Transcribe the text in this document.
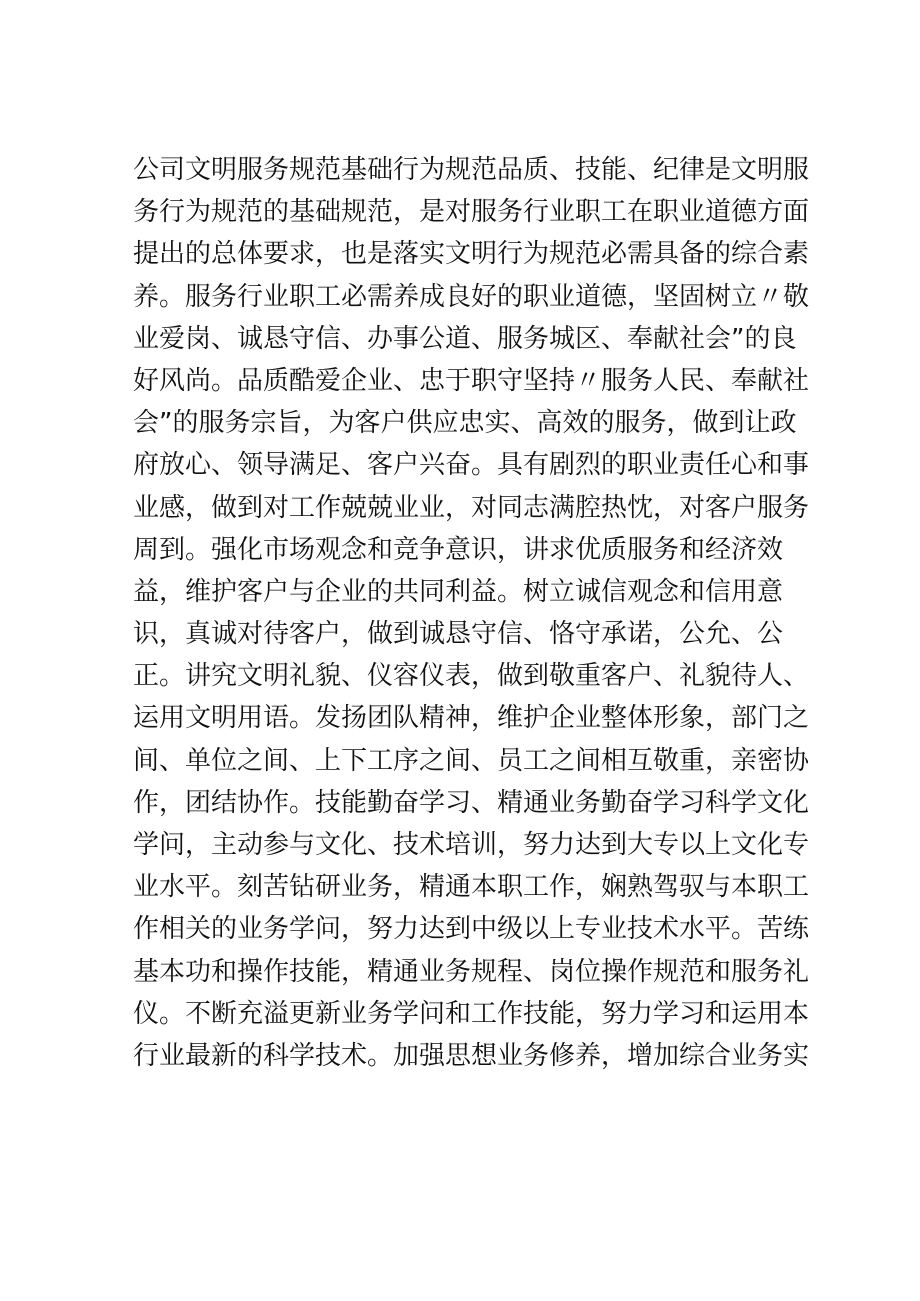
公司文明服务规范基础行为规范品质、技能、纪律是文明服
务行为规范的基础规范，是对服务行业职工在职业道德方面
提出的总体要求，也是落实文明行为规范必需具备的综合素
养。服务行业职工必需养成良好的职业道德，坚固树立〃敬
业爱岗、诚恳守信、办事公道、服务城区、奉献社会”的良
好风尚。品质酷爱企业、忠于职守坚持〃服务人民、奉献社
会”的服务宗旨，为客户供应忠实、高效的服务，做到让政
府放心、领导满足、客户兴奋。具有剧烈的职业责任心和事
业感，做到对工作兢兢业业，对同志满腔热忱，对客户服务
周到。强化市场观念和竞争意识，讲求优质服务和经济效
益，维护客户与企业的共同利益。树立诚信观念和信用意
识，真诚对待客户，做到诚恳守信、恪守承诺，公允、公
正。讲究文明礼貌、仪容仪表，做到敬重客户、礼貌待人、
运用文明用语。发扬团队精神，维护企业整体形象，部门之
间、单位之间、上下工序之间、员工之间相互敬重，亲密协
作，团结协作。技能勤奋学习、精通业务勤奋学习科学文化
学问，主动参与文化、技术培训，努力达到大专以上文化专
业水平。刻苦钻研业务，精通本职工作，娴熟驾驭与本职工
作相关的业务学问，努力达到中级以上专业技术水平。苦练
基本功和操作技能，精通业务规程、岗位操作规范和服务礼
仪。不断充溢更新业务学问和工作技能，努力学习和运用本
行业最新的科学技术。加强思想业务修养，增加综合业务实
